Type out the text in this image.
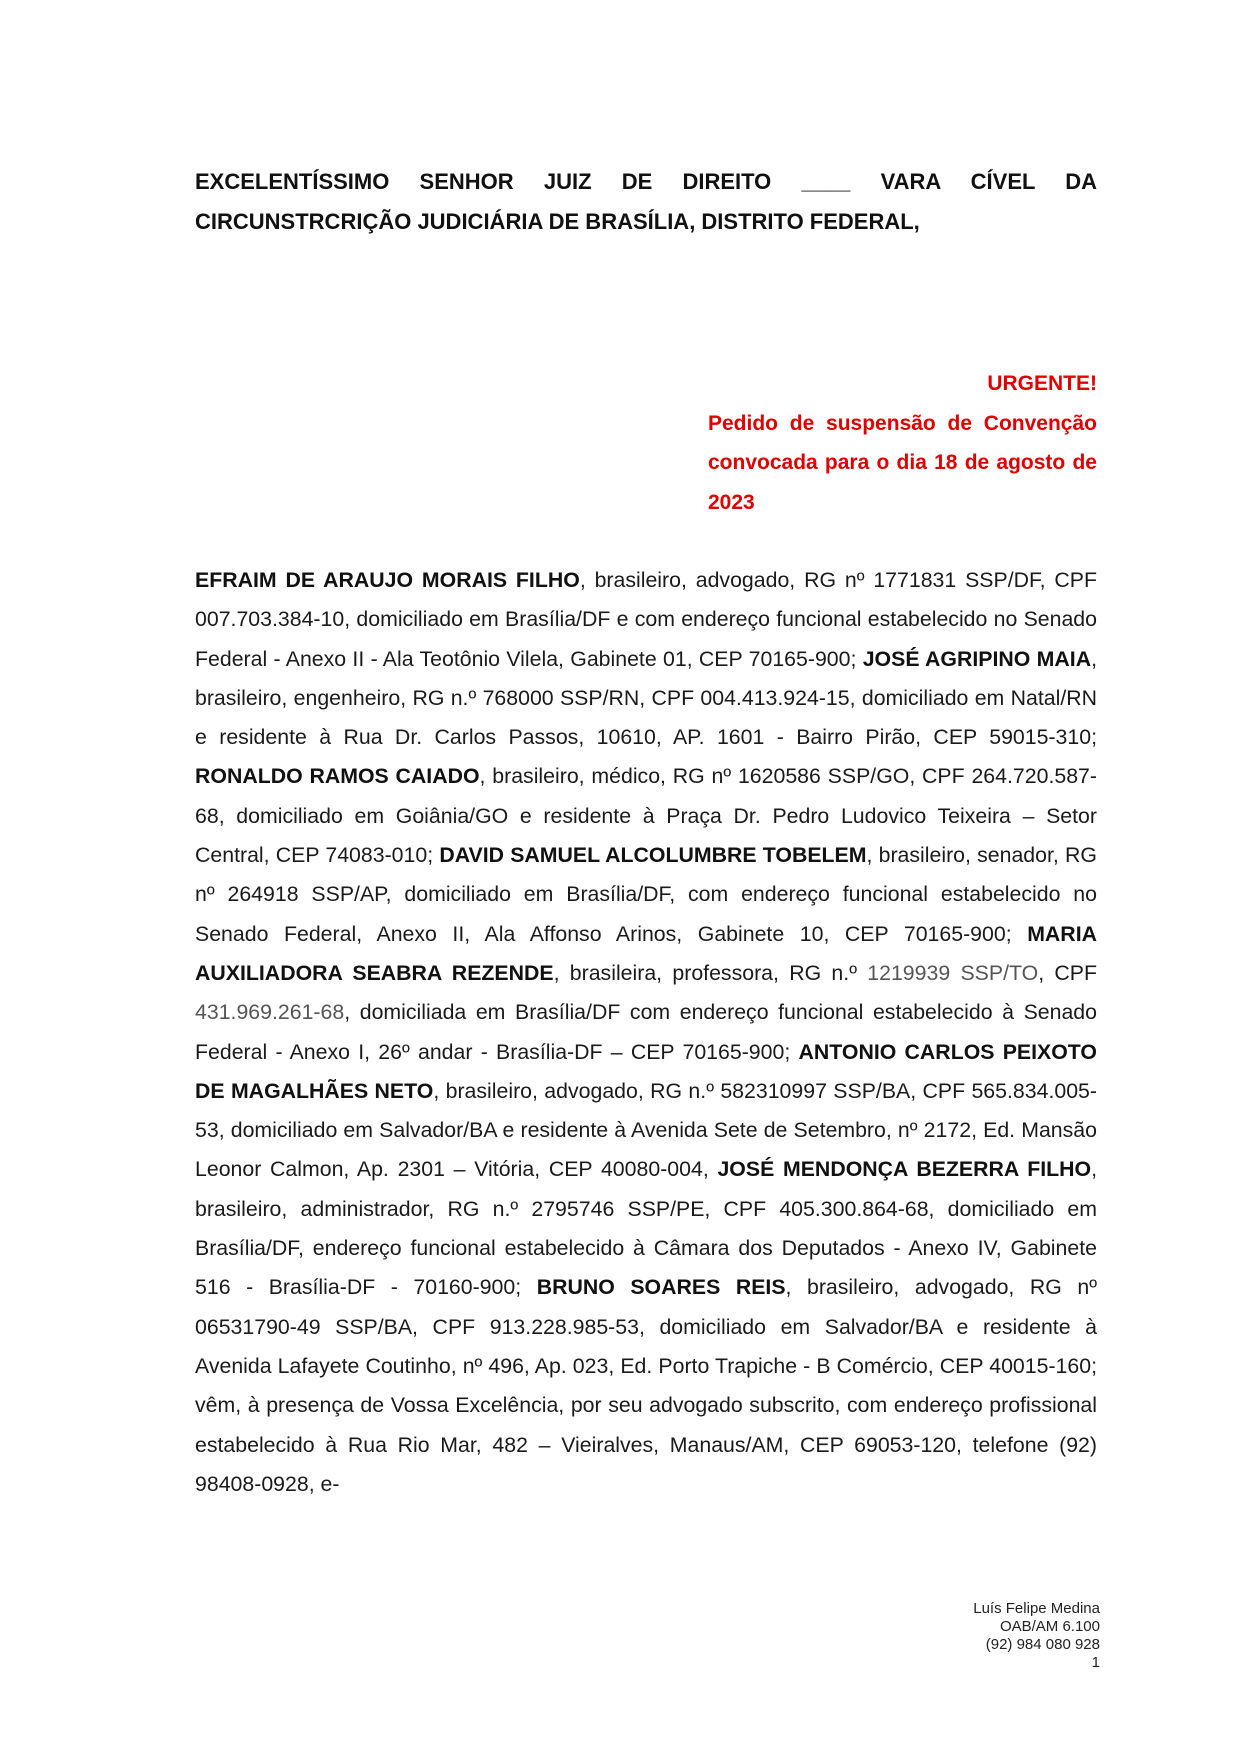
EXCELENTÍSSIMO SENHOR JUIZ DE DIREITO ____ VARA CÍVEL DA
CIRCUNSTRCRIÇÃO JUDICIÁRIA DE BRASÍLIA, DISTRITO FEDERAL,
URGENTE!
Pedido de suspensão de Convenção convocada para o dia 18 de agosto de 2023

EFRAIM DE ARAUJO MORAIS FILHO, brasileiro, advogado, RG nº 1771831 SSP/DF, CPF 007.703.384-10, domiciliado em Brasília/DF e com endereço funcional estabelecido no Senado Federal - Anexo II - Ala Teotônio Vilela, Gabinete 01, CEP 70165-900; JOSÉ AGRIPINO MAIA, brasileiro, engenheiro, RG n.º 768000 SSP/RN, CPF 004.413.924-15, domiciliado em Natal/RN e residente à Rua Dr. Carlos Passos, 10610, AP. 1601 - Bairro Pirão, CEP 59015-310; RONALDO RAMOS CAIADO, brasileiro, médico, RG nº 1620586 SSP/GO, CPF 264.720.587-68, domiciliado em Goiânia/GO e residente à Praça Dr. Pedro Ludovico Teixeira – Setor Central, CEP 74083-010; DAVID SAMUEL ALCOLUMBRE TOBELEM, brasileiro, senador, RG nº 264918 SSP/AP, domiciliado em Brasília/DF, com endereço funcional estabelecido no Senado Federal, Anexo II, Ala Affonso Arinos, Gabinete 10, CEP 70165-900; MARIA AUXILIADORA SEABRA REZENDE, brasileira, professora, RG n.º 1219939 SSP/TO, CPF 431.969.261-68, domiciliada em Brasília/DF com endereço funcional estabelecido à Senado Federal - Anexo I, 26º andar - Brasília-DF – CEP 70165-900; ANTONIO CARLOS PEIXOTO DE MAGALHÃES NETO, brasileiro, advogado, RG n.º 582310997 SSP/BA, CPF 565.834.005-53, domiciliado em Salvador/BA e residente à Avenida Sete de Setembro, nº 2172, Ed. Mansão Leonor Calmon, Ap. 2301 – Vitória, CEP 40080-004, JOSÉ MENDONÇA BEZERRA FILHO, brasileiro, administrador, RG n.º 2795746 SSP/PE, CPF 405.300.864-68, domiciliado em Brasília/DF, endereço funcional estabelecido à Câmara dos Deputados - Anexo IV, Gabinete 516 - Brasília-DF - 70160-900; BRUNO SOARES REIS, brasileiro, advogado, RG nº 06531790-49 SSP/BA, CPF 913.228.985-53, domiciliado em Salvador/BA e residente à Avenida Lafayete Coutinho, nº 496, Ap. 023, Ed. Porto Trapiche - B Comércio, CEP 40015-160; vêm, à presença de Vossa Excelência, por seu advogado subscrito, com endereço profissional estabelecido à Rua Rio Mar, 482 – Vieiralves, Manaus/AM, CEP 69053-120, telefone (92) 98408-0928, e-

Luís Felipe Medina
OAB/AM 6.100
(92) 984 080 928
1
